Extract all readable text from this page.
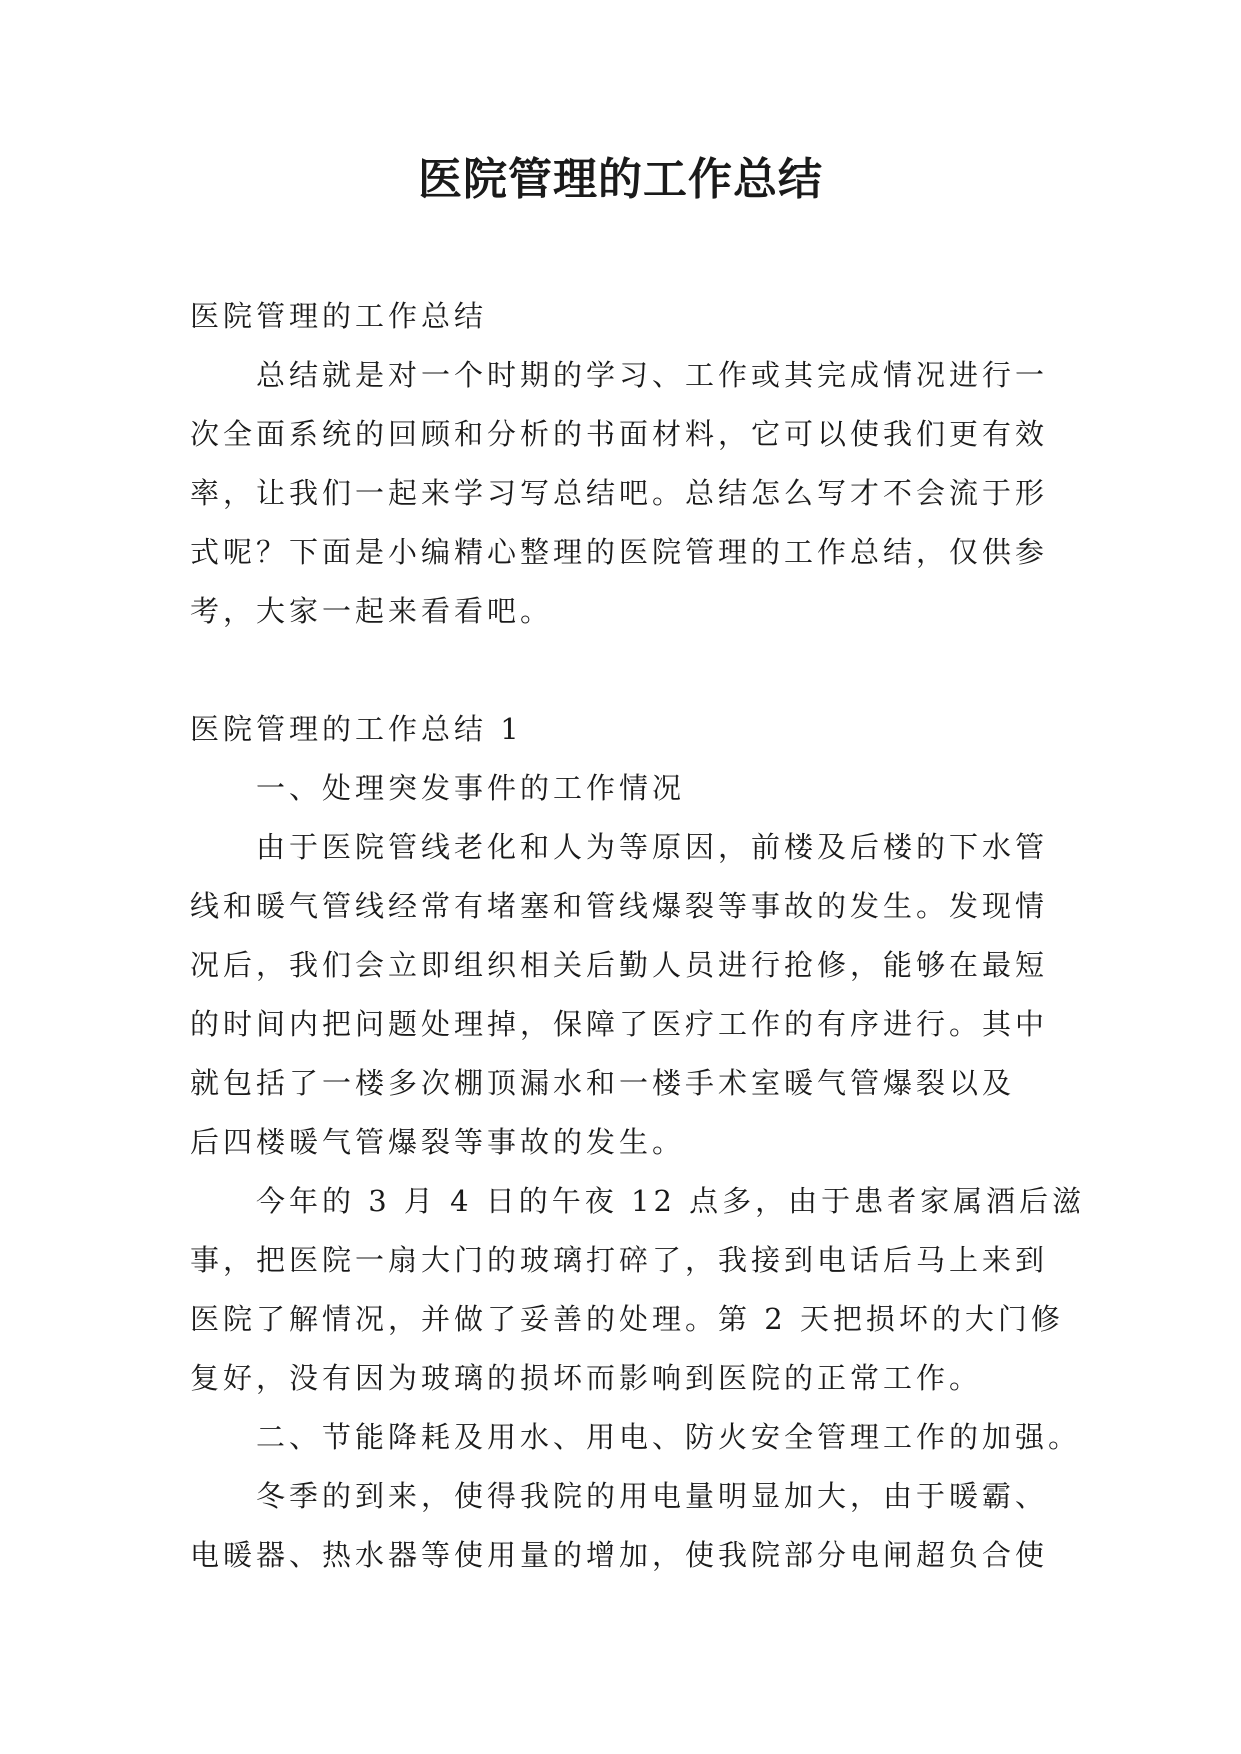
医院管理的工作总结

医院管理的工作总结

总结就是对一个时期的学习、工作或其完成情况进行一

次全面系统的回顾和分析的书面材料，它可以使我们更有效

率，让我们一起来学习写总结吧。总结怎么写才不会流于形

式呢？下面是小编精心整理的医院管理的工作总结，仅供参

考，大家一起来看看吧。

医院管理的工作总结 1

一、处理突发事件的工作情况

由于医院管线老化和人为等原因，前楼及后楼的下水管

线和暖气管线经常有堵塞和管线爆裂等事故的发生。发现情

况后，我们会立即组织相关后勤人员进行抢修，能够在最短

的时间内把问题处理掉，保障了医疗工作的有序进行。其中

就包括了一楼多次棚顶漏水和一楼手术室暖气管爆裂以及

后四楼暖气管爆裂等事故的发生。

今年的 3 月 4 日的午夜 12 点多，由于患者家属酒后滋

事，把医院一扇大门的玻璃打碎了，我接到电话后马上来到

医院了解情况，并做了妥善的处理。第 2 天把损坏的大门修

复好，没有因为玻璃的损坏而影响到医院的正常工作。

二、节能降耗及用水、用电、防火安全管理工作的加强。

冬季的到来，使得我院的用电量明显加大，由于暖霸、

电暖器、热水器等使用量的增加，使我院部分电闸超负合使
